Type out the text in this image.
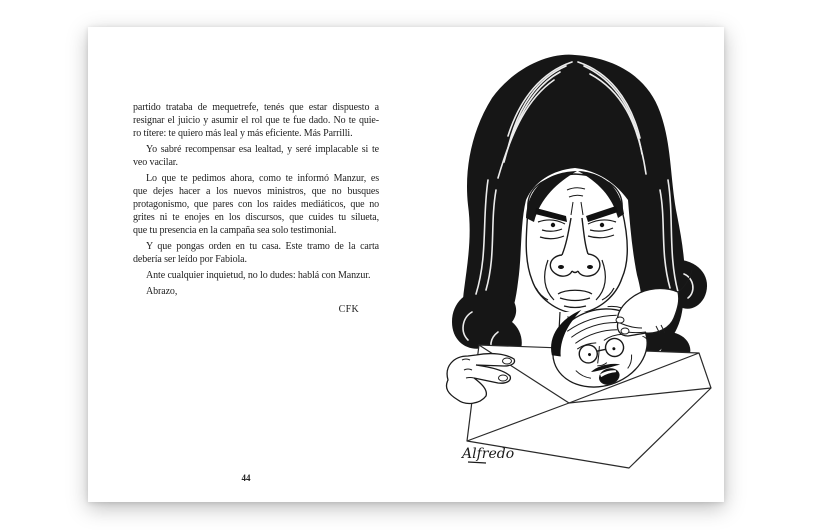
partido trataba de mequetrefe, tenés que estar dispuesto a
resignar el juicio y asumir el rol que te fue dado. No te quie-
ro títere: te quiero más leal y más eficiente. Más Parrilli.
Yo sabré recompensar esa lealtad, y seré implacable si te
veo vacilar.
Lo que te pedimos ahora, como te informó Manzur, es
que dejes hacer a los nuevos ministros, que no busques
protagonismo, que pares con los raides mediáticos, que no
grites ni te enojes en los discursos, que cuides tu silueta,
que tu presencia en la campaña sea solo testimonial.
Y que pongas orden en tu casa. Este tramo de la carta
debería ser leído por Fabiola.
Ante cualquier inquietud, no lo dudes: hablá con Manzur.
Abrazo,
CFK
Alfredo
44
